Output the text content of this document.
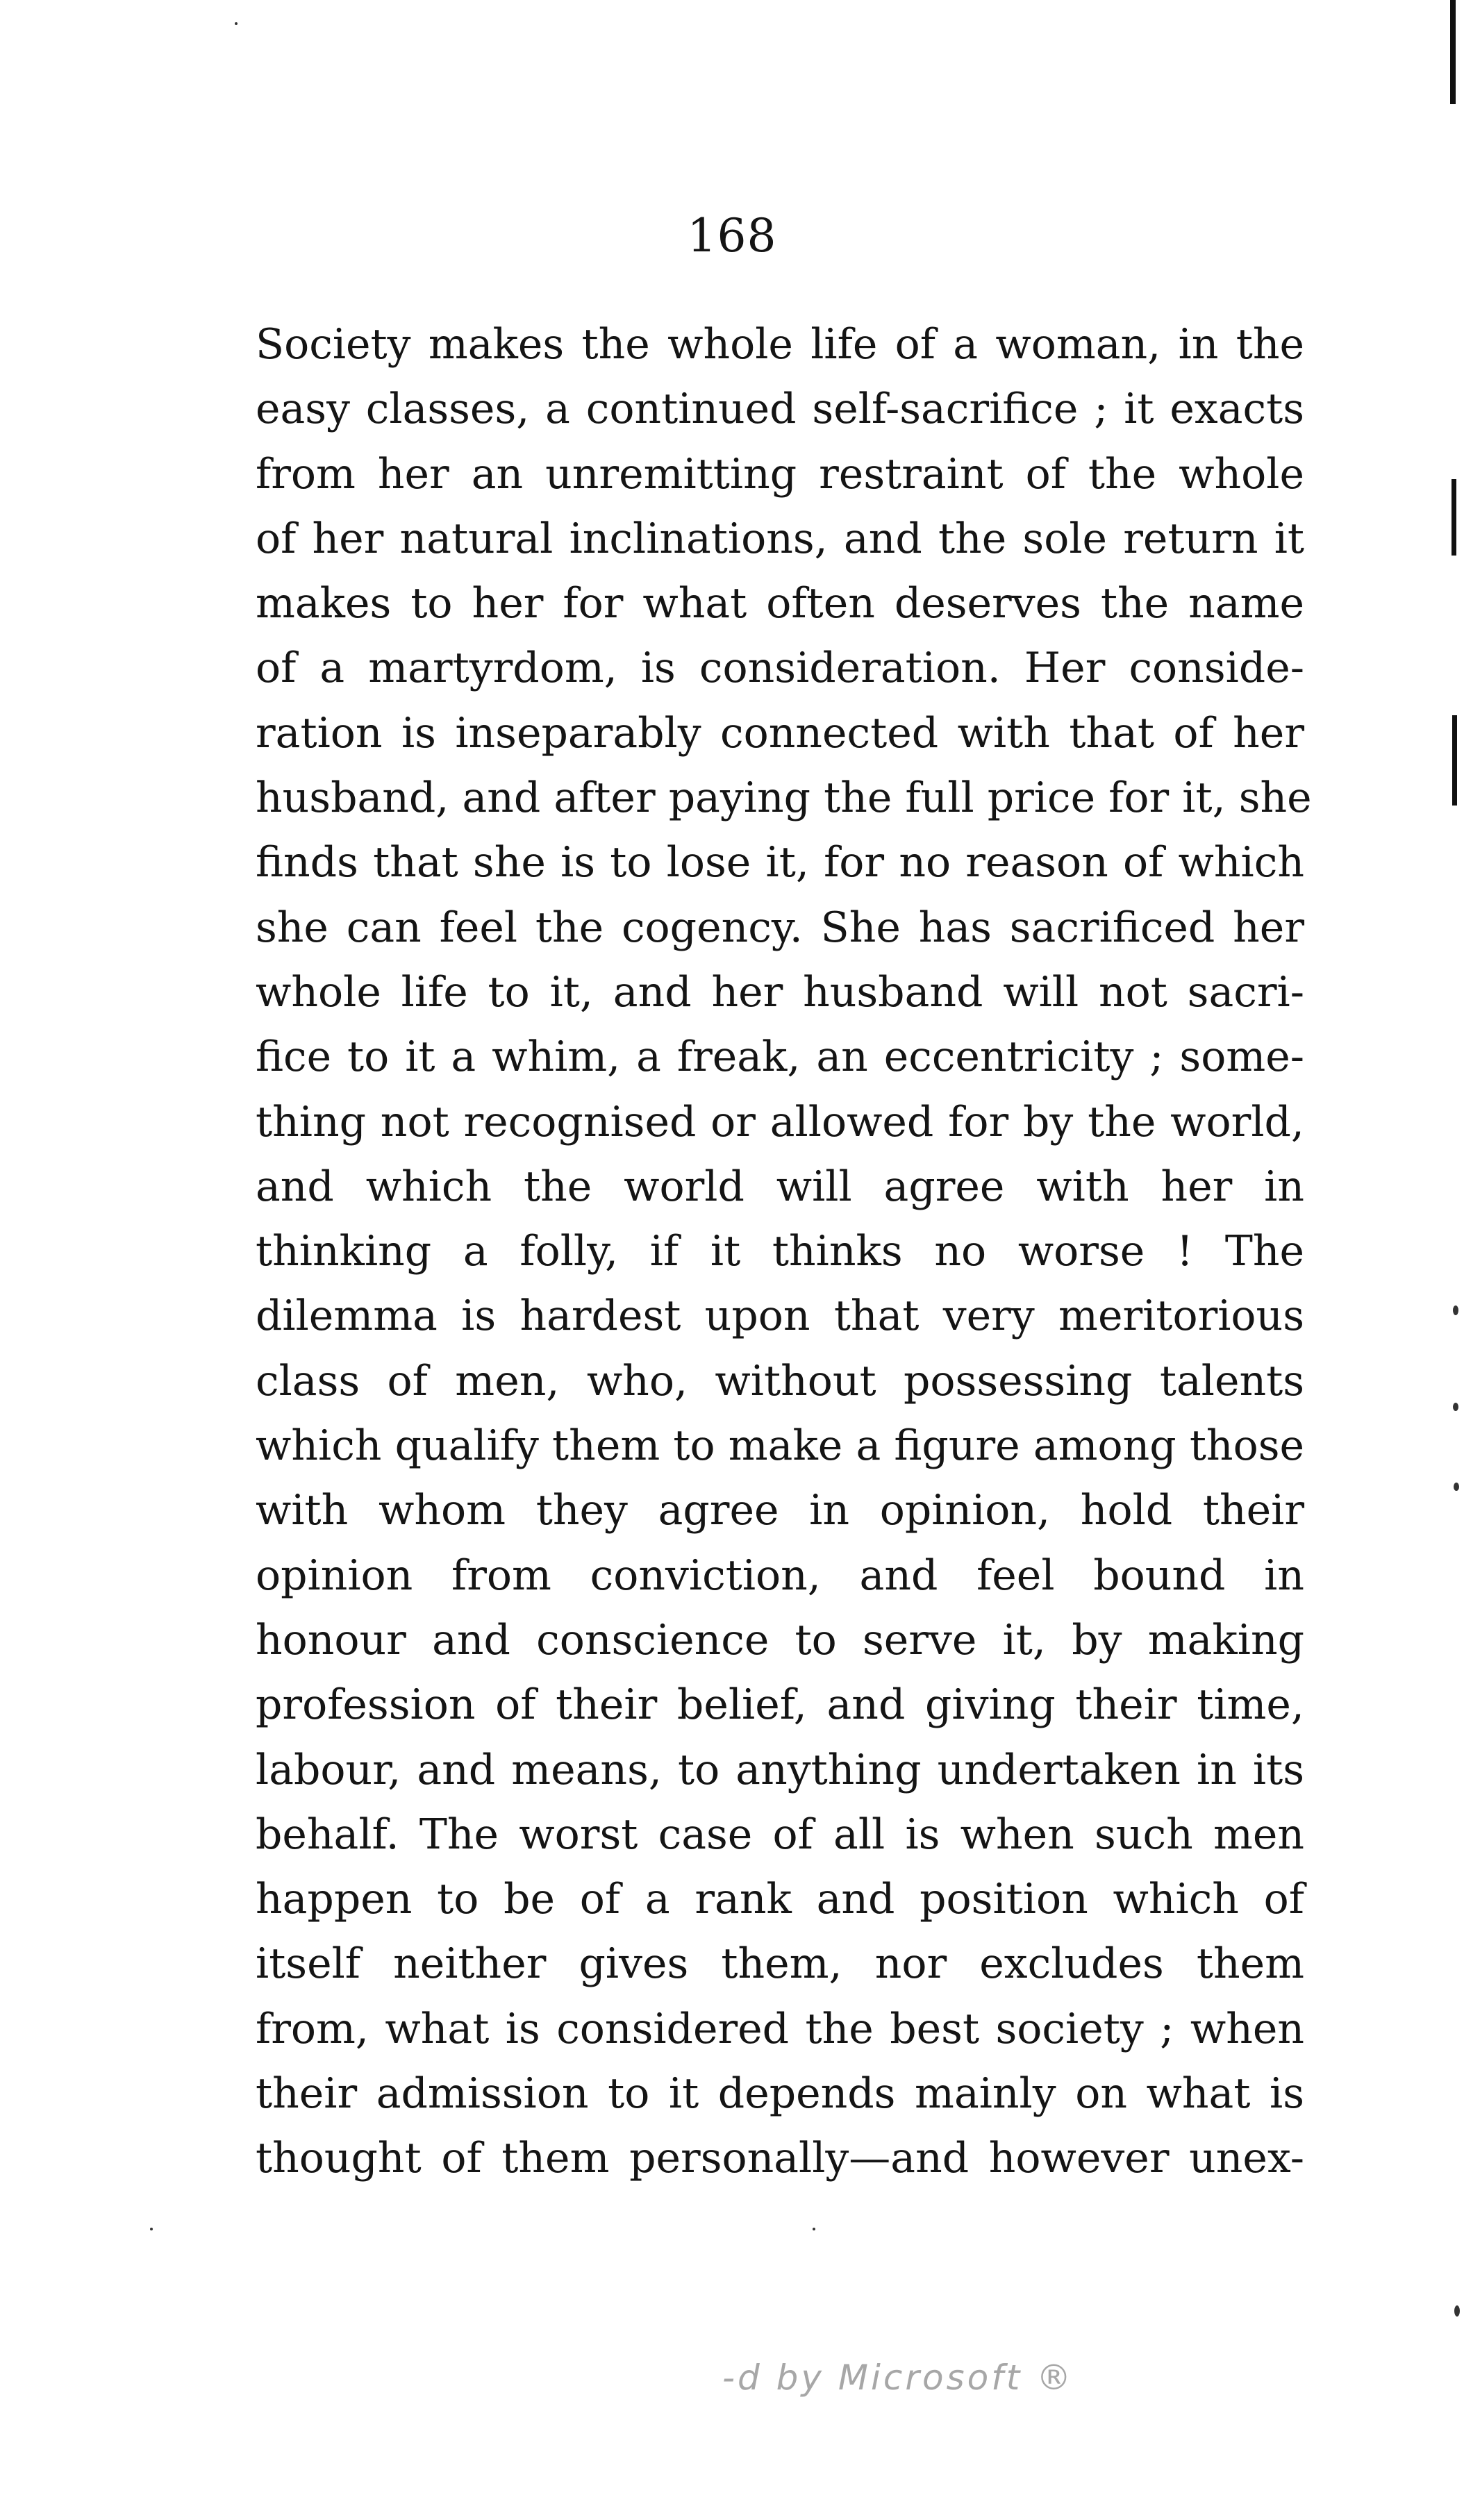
168
Society makes the whole life of a woman, in the
easy classes, a continued self-sacrifice ; it exacts
from her an unremitting restraint of the whole
of her natural inclinations, and the sole return it
makes to her for what often deserves the name
of a martyrdom, is consideration. Her conside-
ration is inseparably connected with that of her
husband, and after paying the full price for it, she
finds that she is to lose it, for no reason of which
she can feel the cogency. She has sacrificed her
whole life to it, and her husband will not sacri-
fice to it a whim, a freak, an eccentricity ; some-
thing not recognised or allowed for by the world,
and which the world will agree with her in
thinking a folly, if it thinks no worse ! The
dilemma is hardest upon that very meritorious
class of men, who, without possessing talents
which qualify them to make a figure among those
with whom they agree in opinion, hold their
opinion from conviction, and feel bound in
honour and conscience to serve it, by making
profession of their belief, and giving their time,
labour, and means, to anything undertaken in its
behalf. The worst case of all is when such men
happen to be of a rank and position which of
itself neither gives them, nor excludes them
from, what is considered the best society ; when
their admission to it depends mainly on what is
thought of them personally—and however unex-
-d by Microsoft ®
